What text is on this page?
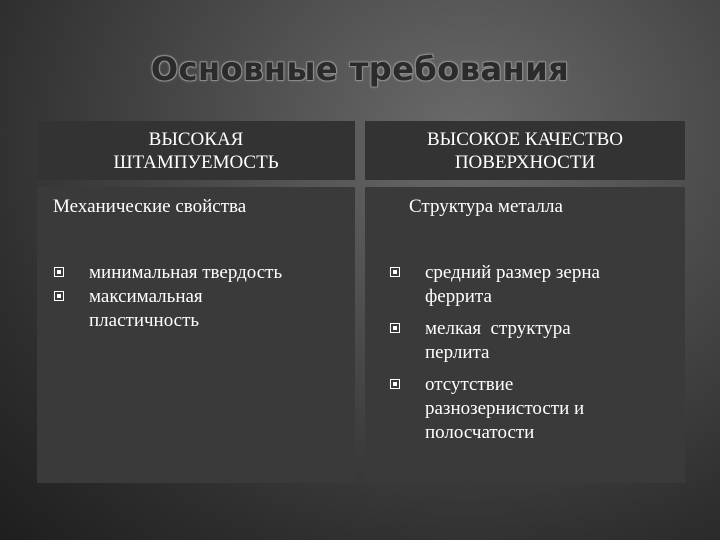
Основные требования
ВЫСОКАЯ
ШТАМПУЕМОСТЬ
ВЫСОКОЕ КАЧЕСТВО
ПОВЕРХНОСТИ
Механические свойства
минимальная твердость
максимальная
пластичность
Структура металла
средний размер зерна
феррита
мелкая  структура
перлита
отсутствие
разнозернистости и
полосчатости
